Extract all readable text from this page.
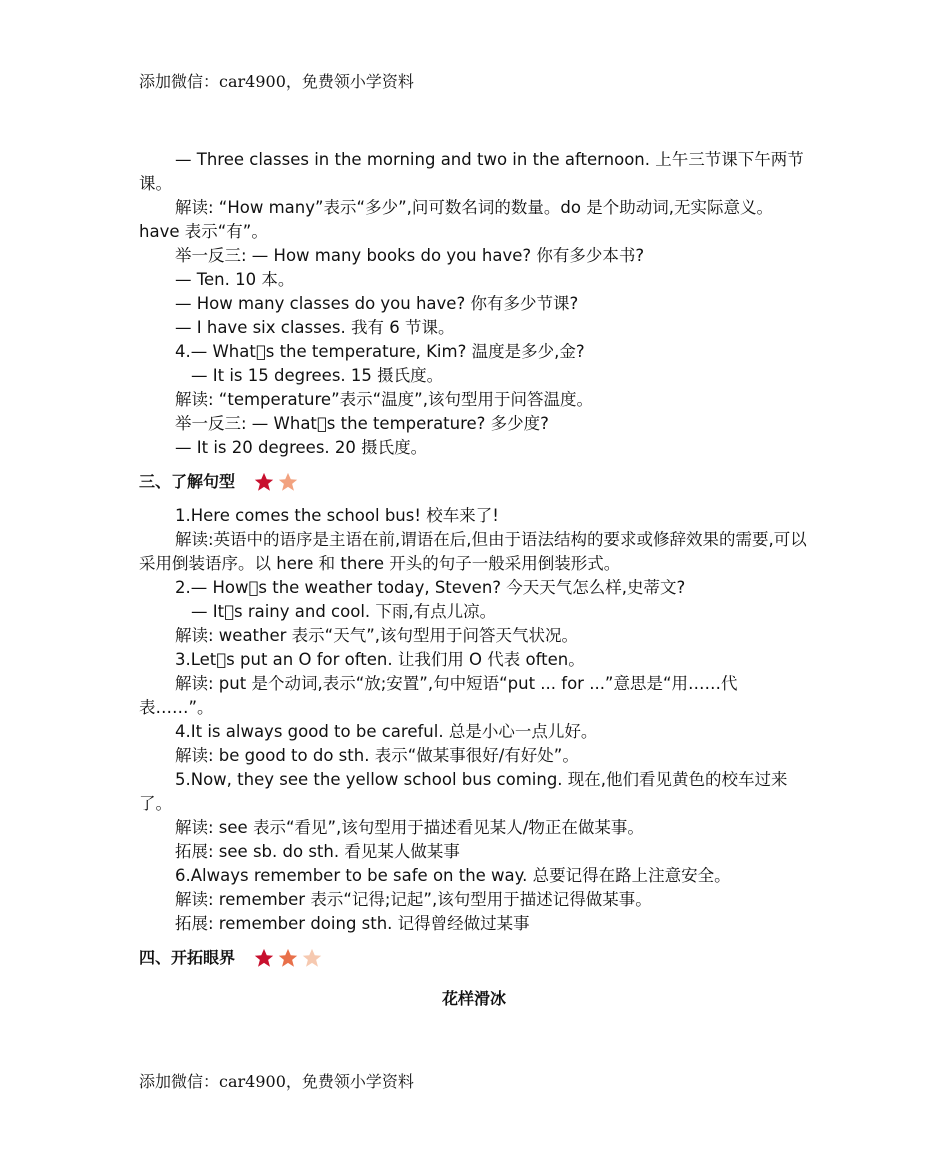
添加微信：car4900，免费领小学资料

— Three classes in the morning and two in the afternoon. 上午三节课下午两节课。

解读: “How many”表示“多少”,问可数名词的数量。do 是个助动词,无实际意义。have 表示“有”。

举一反三: — How many books do you have? 你有多少本书?

— Ten. 10 本。

— How many classes do you have? 你有多少节课?

— I have six classes. 我有 6 节课。

4.— What􏰀s the temperature, Kim? 温度是多少,金?

— It is 15 degrees. 15 摄氏度。

解读: “temperature”表示“温度”,该句型用于问答温度。

举一反三: — What􏰀s the temperature? 多少度?

— It is 20 degrees. 20 摄氏度。

三、了解句型

1.Here comes the school bus! 校车来了!

解读:英语中的语序是主语在前,谓语在后,但由于语法结构的要求或修辞效果的需要,可以采用倒装语序。以 here 和 there 开头的句子一般采用倒装形式。

2.— How􏰀s the weather today, Steven? 今天天气怎么样,史蒂文?

— It􏰀s rainy and cool. 下雨,有点儿凉。

解读: weather 表示“天气”,该句型用于问答天气状况。

3.Let􏰀s put an O for often. 让我们用 O 代表 often。

解读: put 是个动词,表示“放;安置”,句中短语“put ... for ...”意思是“用……代表……”。

4.It is always good to be careful. 总是小心一点儿好。

解读: be good to do sth. 表示“做某事很好/有好处”。

5.Now, they see the yellow school bus coming. 现在,他们看见黄色的校车过来了。

解读: see 表示“看见”,该句型用于描述看见某人/物正在做某事。

拓展: see sb. do sth. 看见某人做某事

6.Always remember to be safe on the way. 总要记得在路上注意安全。

解读: remember 表示“记得;记起”,该句型用于描述记得做某事。

拓展: remember doing sth. 记得曾经做过某事

四、开拓眼界
花样滑冰
添加微信：car4900，免费领小学资料
